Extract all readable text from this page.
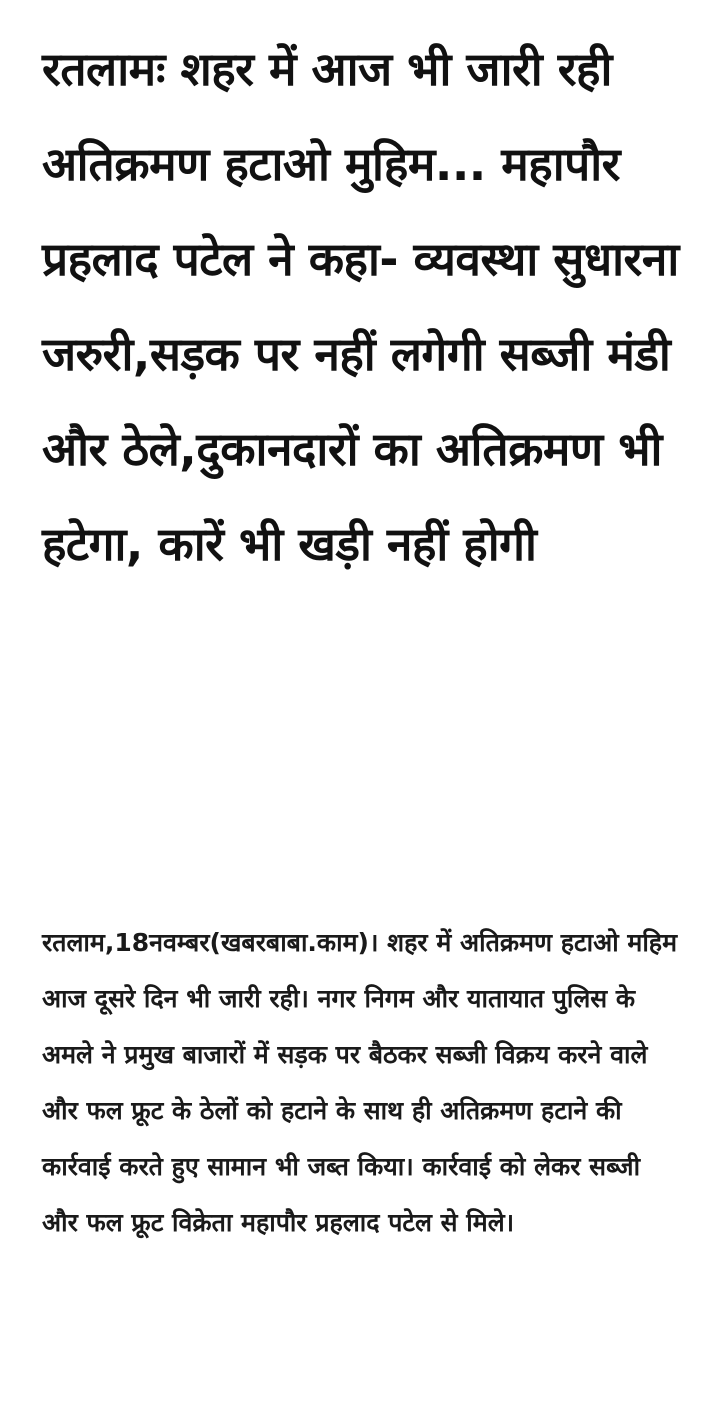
रतलामः शहर में आज भी जारी रही अतिक्रमण हटाओ मुहिम... महापौर प्रहलाद पटेल ने कहा- व्यवस्था सुधारना जरुरी,सड़क पर नहीं लगेगी सब्जी मंडी और ठेले,दुकानदारों का अतिक्रमण भी हटेगा, कारें भी खड़ी नहीं होगी

रतलाम,18नवम्बर(खबरबाबा.काम)। शहर में अतिक्रमण हटाओ महिम आज दूसरे दिन भी जारी रही। नगर निगम और यातायात पुलिस के अमले ने प्रमुख बाजारों में सड़क पर बैठकर सब्जी विक्रय करने वाले और फल फ्रूट के ठेलों को हटाने के साथ ही अतिक्रमण हटाने की कार्रवाई करते हुए सामान भी जब्त किया। कार्रवाई को लेकर सब्जी और फल फ्रूट विक्रेता महापौर प्रहलाद पटेल से मिले।
